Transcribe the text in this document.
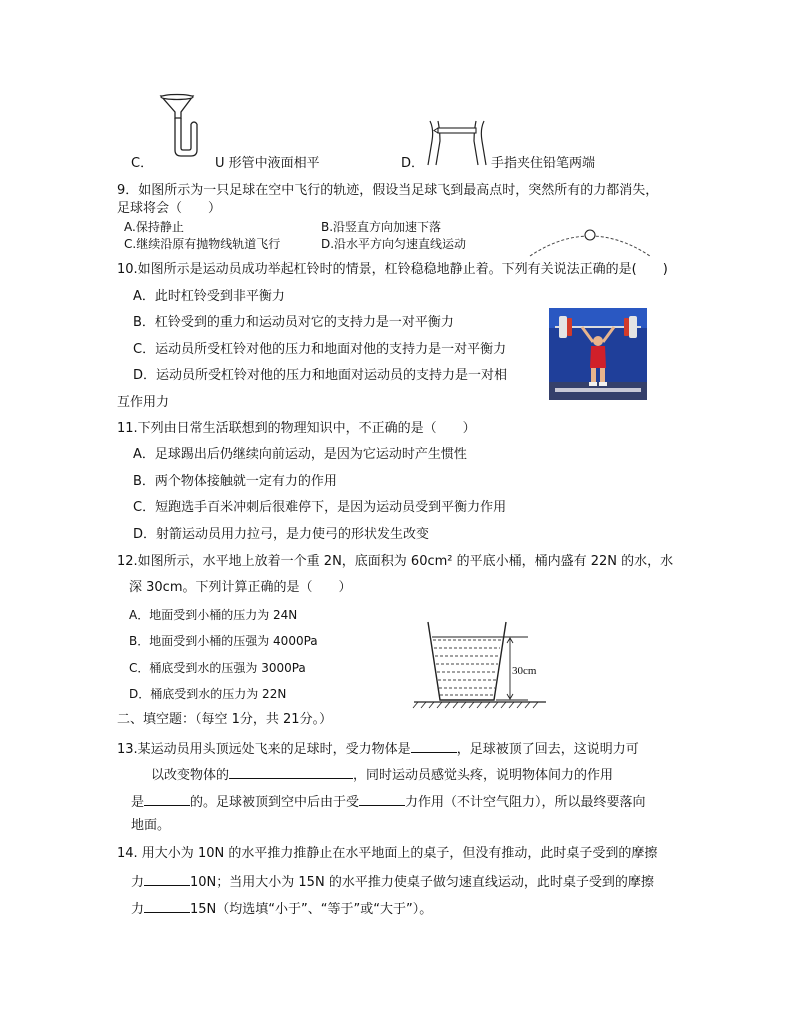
C．	U 形管中液面相平	D．	手指夹住铅笔两端
9．如图所示为一只足球在空中飞行的轨迹，假设当足球飞到最高点时，突然所有的力都消失，
足球将会（　　）
A.保持静止	B.沿竖直方向加速下落
C.继续沿原有抛物线轨道飞行	D.沿水平方向匀速直线运动
10.如图所示是运动员成功举起杠铃时的情景，杠铃稳稳地静止着。下列有关说法正确的是(　　)
A．此时杠铃受到非平衡力
B．杠铃受到的重力和运动员对它的支持力是一对平衡力
C．运动员所受杠铃对他的压力和地面对他的支持力是一对平衡力
D．运动员所受杠铃对他的压力和地面对运动员的支持力是一对相
互作用力
11.下列由日常生活联想到的物理知识中，不正确的是（　　）
A．足球踢出后仍继续向前运动，是因为它运动时产生惯性
B．两个物体接触就一定有力的作用
C．短跑选手百米冲刺后很难停下，是因为运动员受到平衡力作用
D．射箭运动员用力拉弓，是力使弓的形状发生改变
12.如图所示，水平地上放着一个重 2N，底面积为 60cm² 的平底小桶，桶内盛有 22N 的水，水
深 30cm。下列计算正确的是（　　）
A．地面受到小桶的压力为 24N
B．地面受到小桶的压强为 4000Pa
C．桶底受到水的压强为 3000Pa
D．桶底受到水的压力为 22N
30cm
二、填空题：（每空 1分，共 21分。）
13.某运动员用头顶远处飞来的足球时，受力物体是	，足球被顶了回去，这说明力可
以改变物体的	，同时运动员感觉头疼，说明物体间力的作用
是	的。足球被顶到空中后由于受	力作用（不计空气阻力），所以最终要落向
地面。
14. 用大小为 10N 的水平推力推静止在水平地面上的桌子，但没有推动，此时桌子受到的摩擦
力	10N；当用大小为 15N 的水平推力使桌子做匀速直线运动，此时桌子受到的摩擦
力	15N（均选填“小于”、“等于”或“大于”）。
